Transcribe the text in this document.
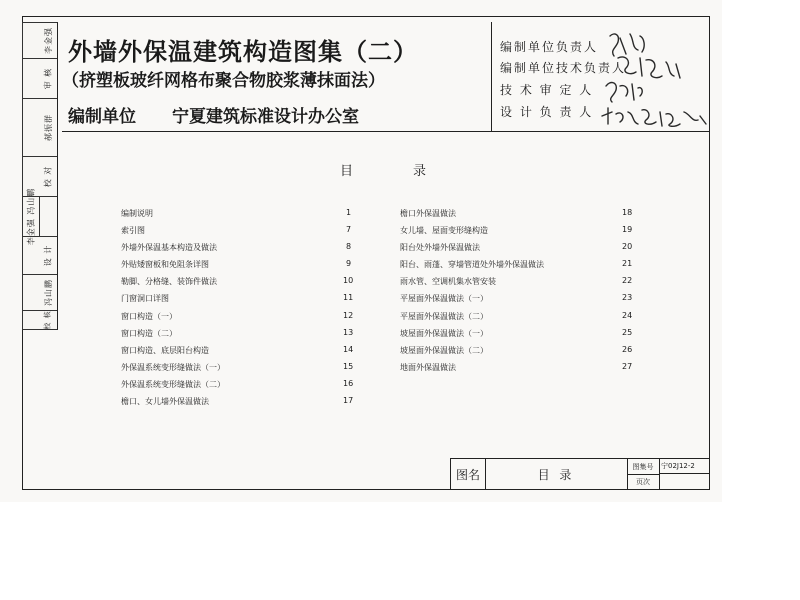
李金强
审 核
郝振群
校 对
李金强 冯山鹏
设 计
冯山鹏
校 核
外墙外保温建筑构造图集（二）
（挤塑板玻纤网格布聚合物胶浆薄抹面法）
编制单位 宁夏建筑标准设计办公室
编制单位负责人
编制单位技术负责人
技 术 审 定 人
设 计 负 责 人
目	录
编制说明	1
索引图	7
外墙外保温基本构造及做法	8
外贴矮窗板和免阻条详图	9
勒脚、分格缝、装饰件做法	10
门窗洞口详图	11
窗口构造（一）	12
窗口构造（二）	13
窗口构造、底层阳台构造	14
外保温系统变形缝做法（一）	15
外保温系统变形缝做法（二）	16
檐口、女儿墙外保温做法	17
檐口外保温做法	18
女儿墙、屋面变形缝构造	19
阳台处外墙外保温做法	20
阳台、雨蓬、穿墙管道处外墙外保温做法	21
雨水管、空调机集水管安装	22
平屋面外保温做法（一）	23
平屋面外保温做法（二）	24
坡屋面外保温做法（一）	25
坡屋面外保温做法（二）	26
地面外保温做法	27
图名	目 录
图集号	宁02J12-2
页次
